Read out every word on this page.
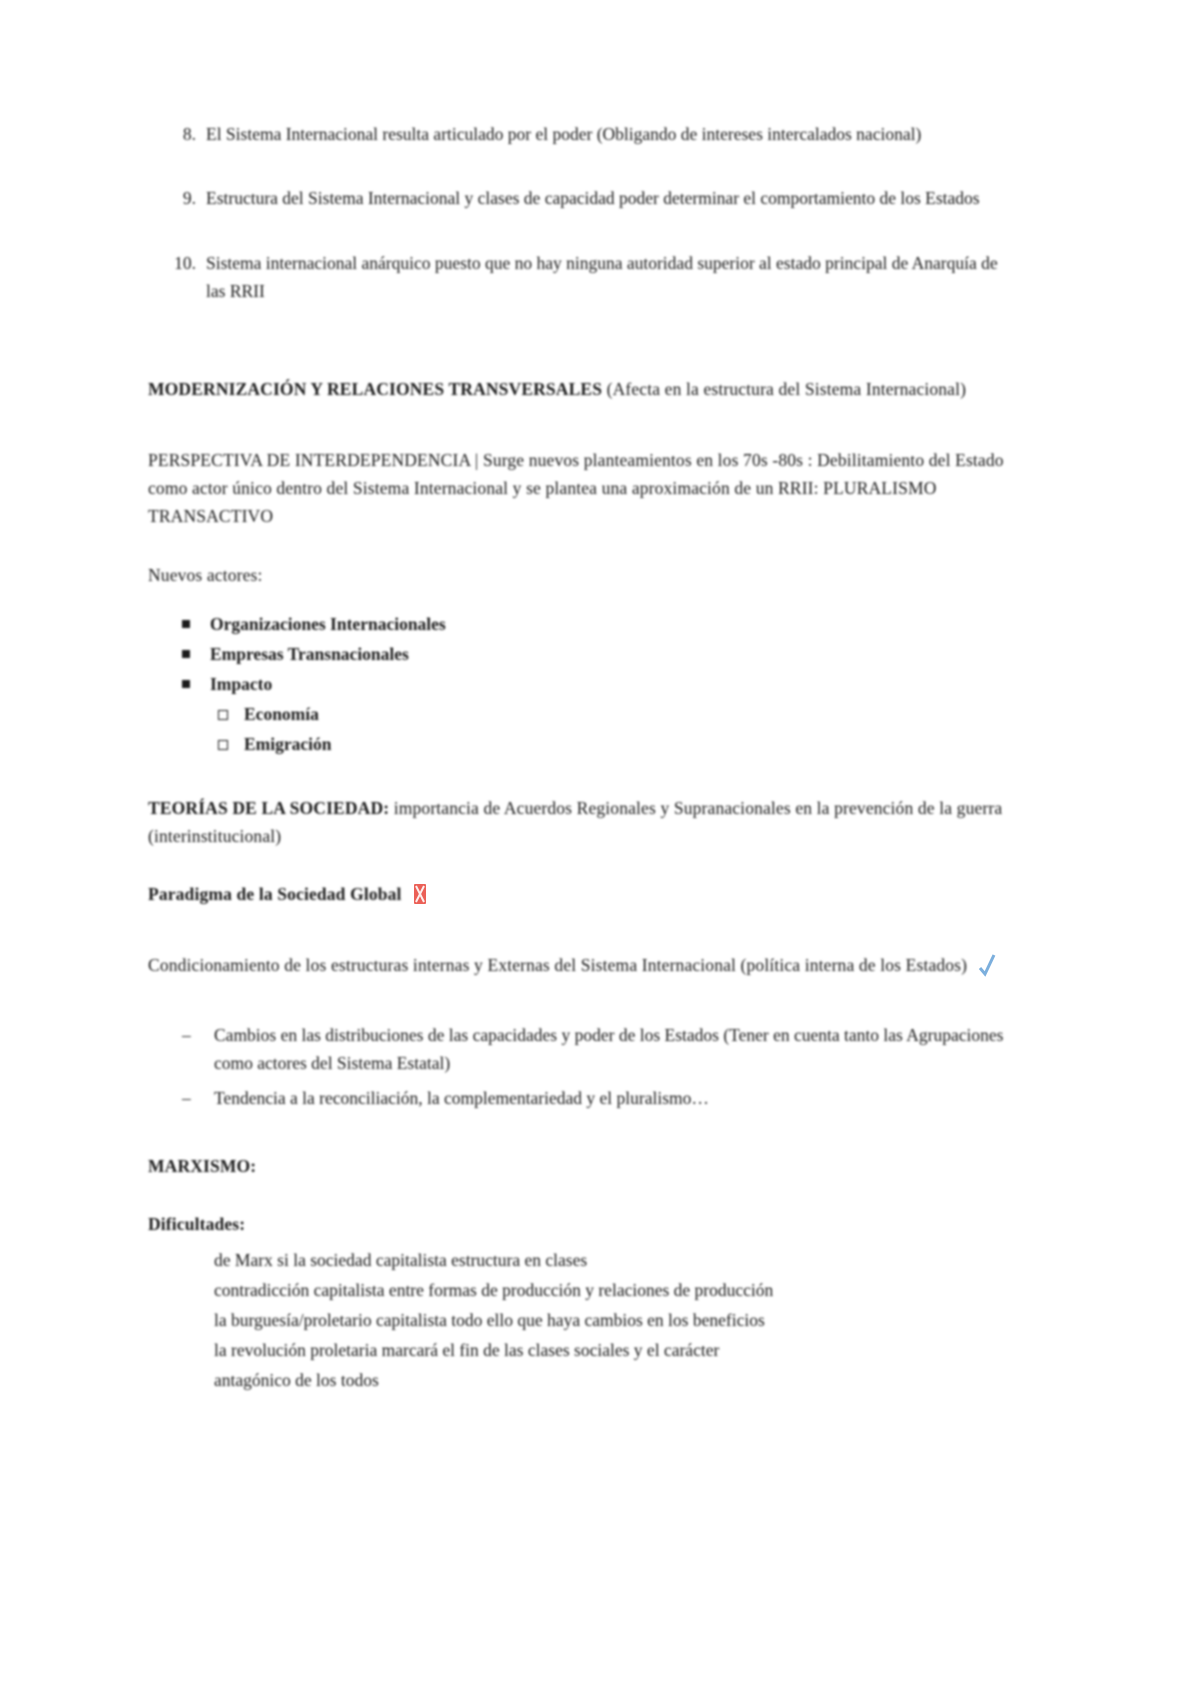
8. El Sistema Internacional resulta articulado por el poder (Obligando de intereses intercalados nacional)
9. Estructura del Sistema Internacional y clases de capacidad poder determinar el comportamiento de los Estados
10. Sistema internacional anárquico puesto que no hay ninguna autoridad superior al estado principal de Anarquía de las RRII

MODERNIZACIÓN Y RELACIONES TRANSVERSALES (Afecta en la estructura del Sistema Internacional)

PERSPECTIVA DE INTERDEPENDENCIA | Surge nuevos planteamientos en los 70s -80s : Debilitamiento del Estado como actor único dentro del Sistema Internacional y se plantea una aproximación de un RRII: PLURALISMO TRANSACTIVO

Nuevos actores:

Organizaciones Internacionales
Empresas Transnacionales
Impacto
Economía
Emigración

TEORÍAS DE LA SOCIEDAD: importancia de Acuerdos Regionales y Supranacionales en la prevención de la guerra (interinstitucional)

Paradigma de la Sociedad Global

Condicionamiento de los estructuras internas y Externas del Sistema Internacional (política interna de los Estados)

– Cambios en las distribuciones de las capacidades y poder de los Estados (Tener en cuenta tanto las Agrupaciones como actores del Sistema Estatal)
– Tendencia a la reconciliación, la complementariedad y el pluralismo…

MARXISMO:

Dificultades:

de Marx si la sociedad capitalista estructura en clases
contradicción capitalista entre formas de producción y relaciones de producción
la burguesía/proletario capitalista todo ello que haya cambios en los beneficios
la revolución proletaria marcará el fin de las clases sociales y el carácter
antagónico de los todos
